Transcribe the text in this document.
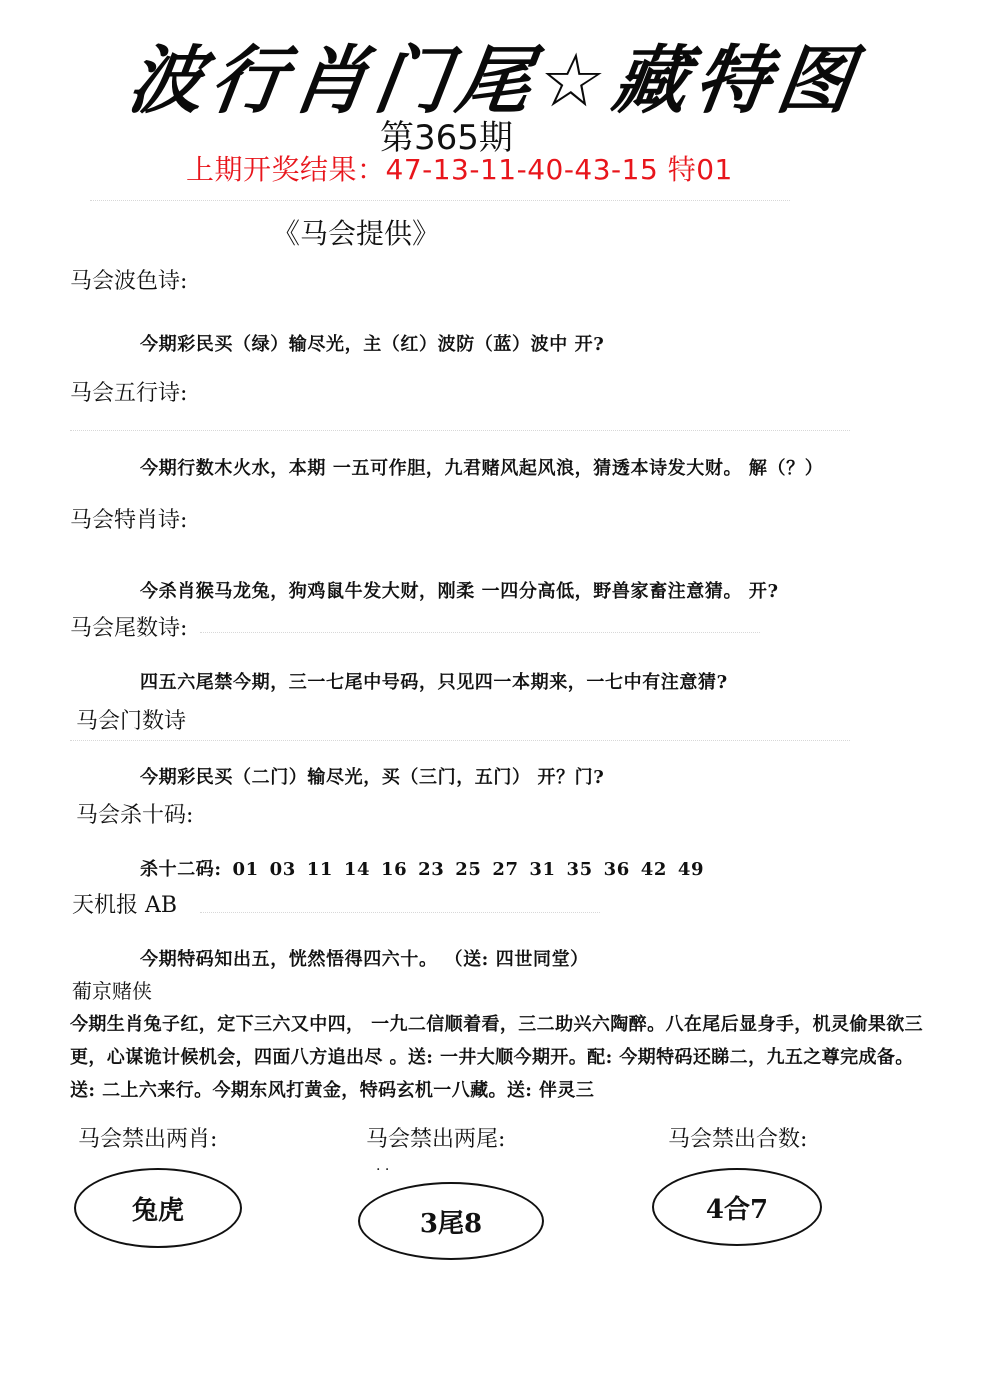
波行肖门尾☆藏特图
第365期
上期开奖结果：47-13-11-40-43-15 特01
《马会提供》
马会波色诗:
今期彩民买（绿）输尽光，主（红）波防（蓝）波中 开?
马会五行诗:
今期行数木火水，本期 一五可作胆，九君赌风起风浪，猜透本诗发大财。 解（？）
马会特肖诗:
今杀肖猴马龙兔，狗鸡鼠牛发大财，刚柔 一四分高低，野兽家畜注意猜。 开?
马会尾数诗:
四五六尾禁今期，三一七尾中号码，只见四一本期来，一七中有注意猜?
马会门数诗
今期彩民买（二门）输尽光，买（三门，五门） 开？门?
马会杀十码:
杀十二码: 01 03 11 14 16 23 25 27 31 35 36 42 49
天机报 AB
今期特码知出五，恍然悟得四六十。 （送: 四世同堂）
葡京赌侠
今期生肖兔子红，定下三六又中四， 一九二信顺着看，三二助兴六陶醉。八在尾后显身手，机灵偷果欲三更，心谋诡计候机会，四面八方追出尽 。送: 一井大顺今期开。配: 今期特码还睇二，九五之尊完成备。送: 二上六来行。今期东风打黄金，特码玄机一八藏。送: 伴灵三
马会禁出两肖:	马会禁出两尾:	马会禁出合数:
. .
兔虎	3尾8	4合7
